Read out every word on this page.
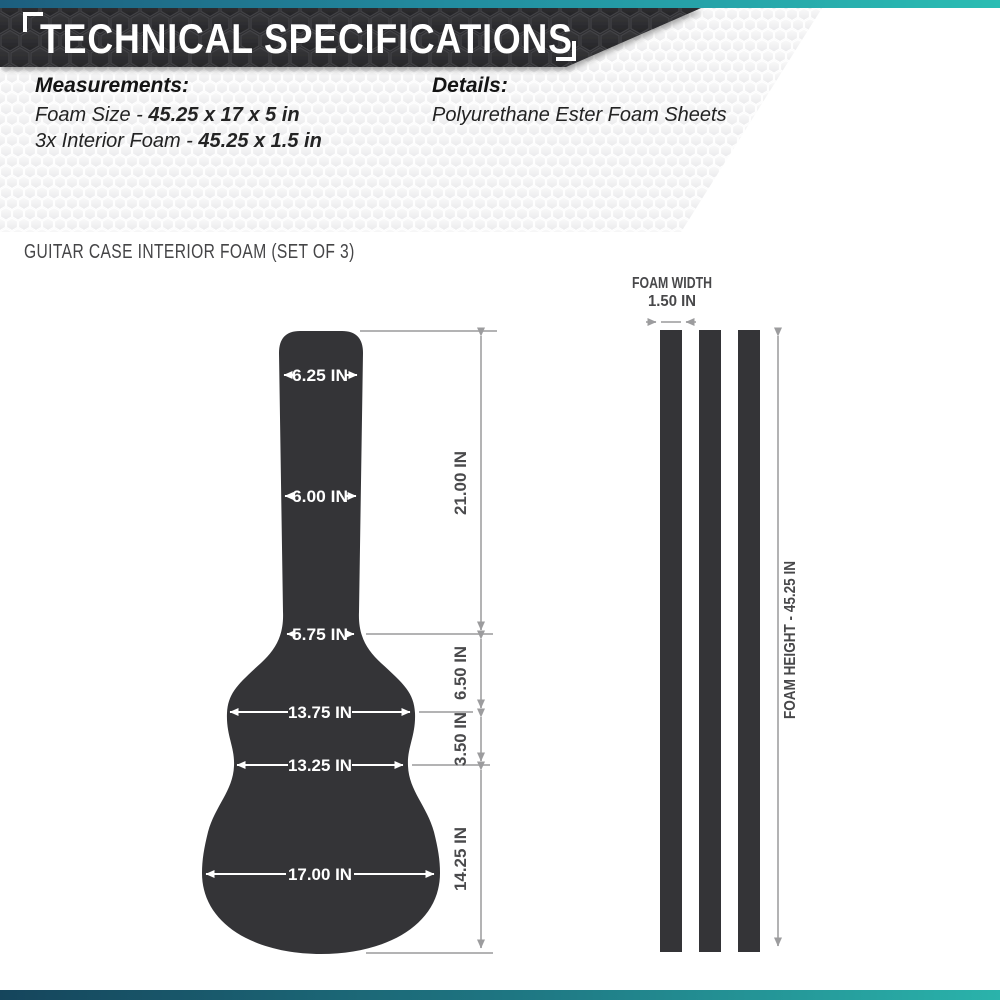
TECHNICAL SPECIFICATIONS
Measurements:
Foam Size - 45.25 x 17 x 5 in
3x Interior Foam - 45.25 x 1.5 in
Details:
Polyurethane Ester Foam Sheets
GUITAR CASE INTERIOR FOAM (SET OF 3)
6.25 IN
6.00 IN
5.75 IN
13.75 IN
13.25 IN
17.00 IN
21.00 IN
6.50 IN
3.50 IN
14.25 IN
FOAM WIDTH
1.50 IN
FOAM HEIGHT - 45.25 IN
